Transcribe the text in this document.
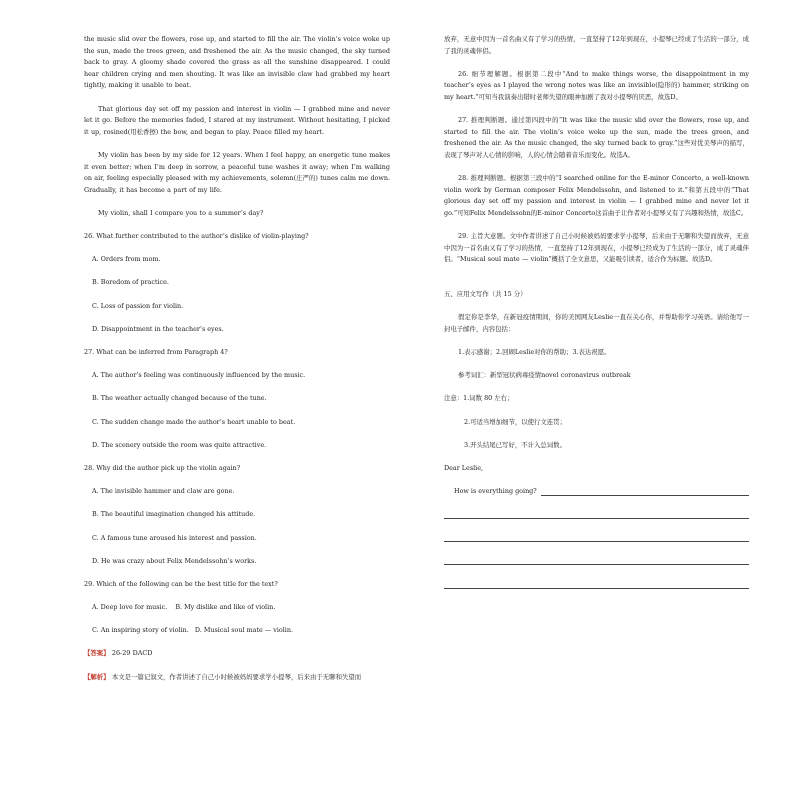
the music slid over the flowers, rose up, and started to fill the air. The violin’s voice woke up the sun, made the trees green, and freshened the air. As the music changed, the sky turned back to gray. A gloomy shade covered the grass as all the sunshine disappeared. I could hear children crying and men shouting. It was like an invisible claw had grabbed my heart tightly, making it unable to beat.

That glorious day set off my passion and interest in violin — I grabbed mine and never let it go. Before the memories faded, I stared at my instrument. Without hesitating, I picked it up, rosined(用松香擦) the bow, and began to play. Peace filled my heart.

My violin has been by my side for 12 years. When I feel happy, an energetic tune makes it even better; when I’m deep in sorrow, a peaceful tune washes it away; when I’m walking on air, feeling especially pleased with my achievements, solemn(庄严的) tunes calm me down. Gradually, it has become a part of my life.

My violin, shall I compare you to a summer’s day?

26. What further contributed to the author’s dislike of violin-playing?

A. Orders from mom.

B. Boredom of practice.

C. Loss of passion for violin.

D. Disappointment in the teacher’s eyes.

27. What can be inferred from Paragraph 4?

A. The author’s feeling was continuously influenced by the music.

B. The weather actually changed because of the tune.

C. The sudden change made the author’s heart unable to beat.

D. The scenery outside the room was quite attractive.

28. Why did the author pick up the violin again?

A. The invisible hammer and claw are gone.

B. The beautiful imagination changed his attitude.

C. A famous tune aroused his interest and passion.

D. He was crazy about Felix Mendelssohn’s works.

29. Which of the following can be the best title for the text?

A. Deep love for music.    B. My dislike and like of violin.

C. An inspiring story of violin.   D. Musical soul mate — violin.

【答案】 26-29 DACD

【解析】 本文是一篇记叙文，作者讲述了自己小时候被妈妈要求学小提琴，后来由于无聊和失望而

放弃，无意中因为一首名曲又有了学习的热情，一直坚持了12年到现在，小提琴已经成了生活的一部分，成了我的灵魂伴侣。

26. 细节理解题。根据第二段中“And to make things worse, the disappointment in my teacher’s eyes as I played the wrong notes was like an invisible(隐形的) hammer, striking on my heart.”可知当我演奏出错时老师失望的眼神加剧了我对小提琴的厌恶，故选D。

27. 推理判断题。通过第四段中的“It was like the music slid over the flowers, rose up, and started to fill the air. The violin’s voice woke up the sun, made the trees green, and freshened the air. As the music changed, the sky turned back to gray.”这些对优美琴声的描写，表现了琴声对人心情的影响，人的心情会随着音乐而变化。故选A。

28. 推理判断题。根据第三段中的“I searched online for the E-minor Concerto, a well-known violin work by German composer Felix Mendelssohn, and listened to it.”和第五段中的“That glorious day set off my passion and interest in violin — I grabbed mine and never let it go.”可知Felix Mendelssohn的E-minor Concerto这首曲子让作者对小提琴又有了兴趣和热情，故选C。

29. 主旨大意题。文中作者讲述了自己小时候被妈妈要求学小提琴，后来由于无聊和失望而放弃，无意中因为一首名曲又有了学习的热情，一直坚持了12年到现在，小提琴已经成为了生活的一部分，成了灵魂伴侣。“Musical soul mate — violin”概括了全文意思，又能吸引读者，适合作为标题。故选D。

五、应用文写作（共 15 分）

假定你是李华，在新冠疫情期间，你的美国网友Leslie一直在关心你，并帮助你学习英语。请给他写一封电子邮件，内容包括：

1.表示感谢；2.回顾Leslie对你的帮助；3.表达祝愿。

参考词汇：新型冠状病毒疫情novel coronavirus outbreak

注意：1.词数 80 左右；

2.可适当增加细节，以使行文连贯；

3.开头结尾已写好，不计入总词数。

Dear Leslie,

How is everything going?
